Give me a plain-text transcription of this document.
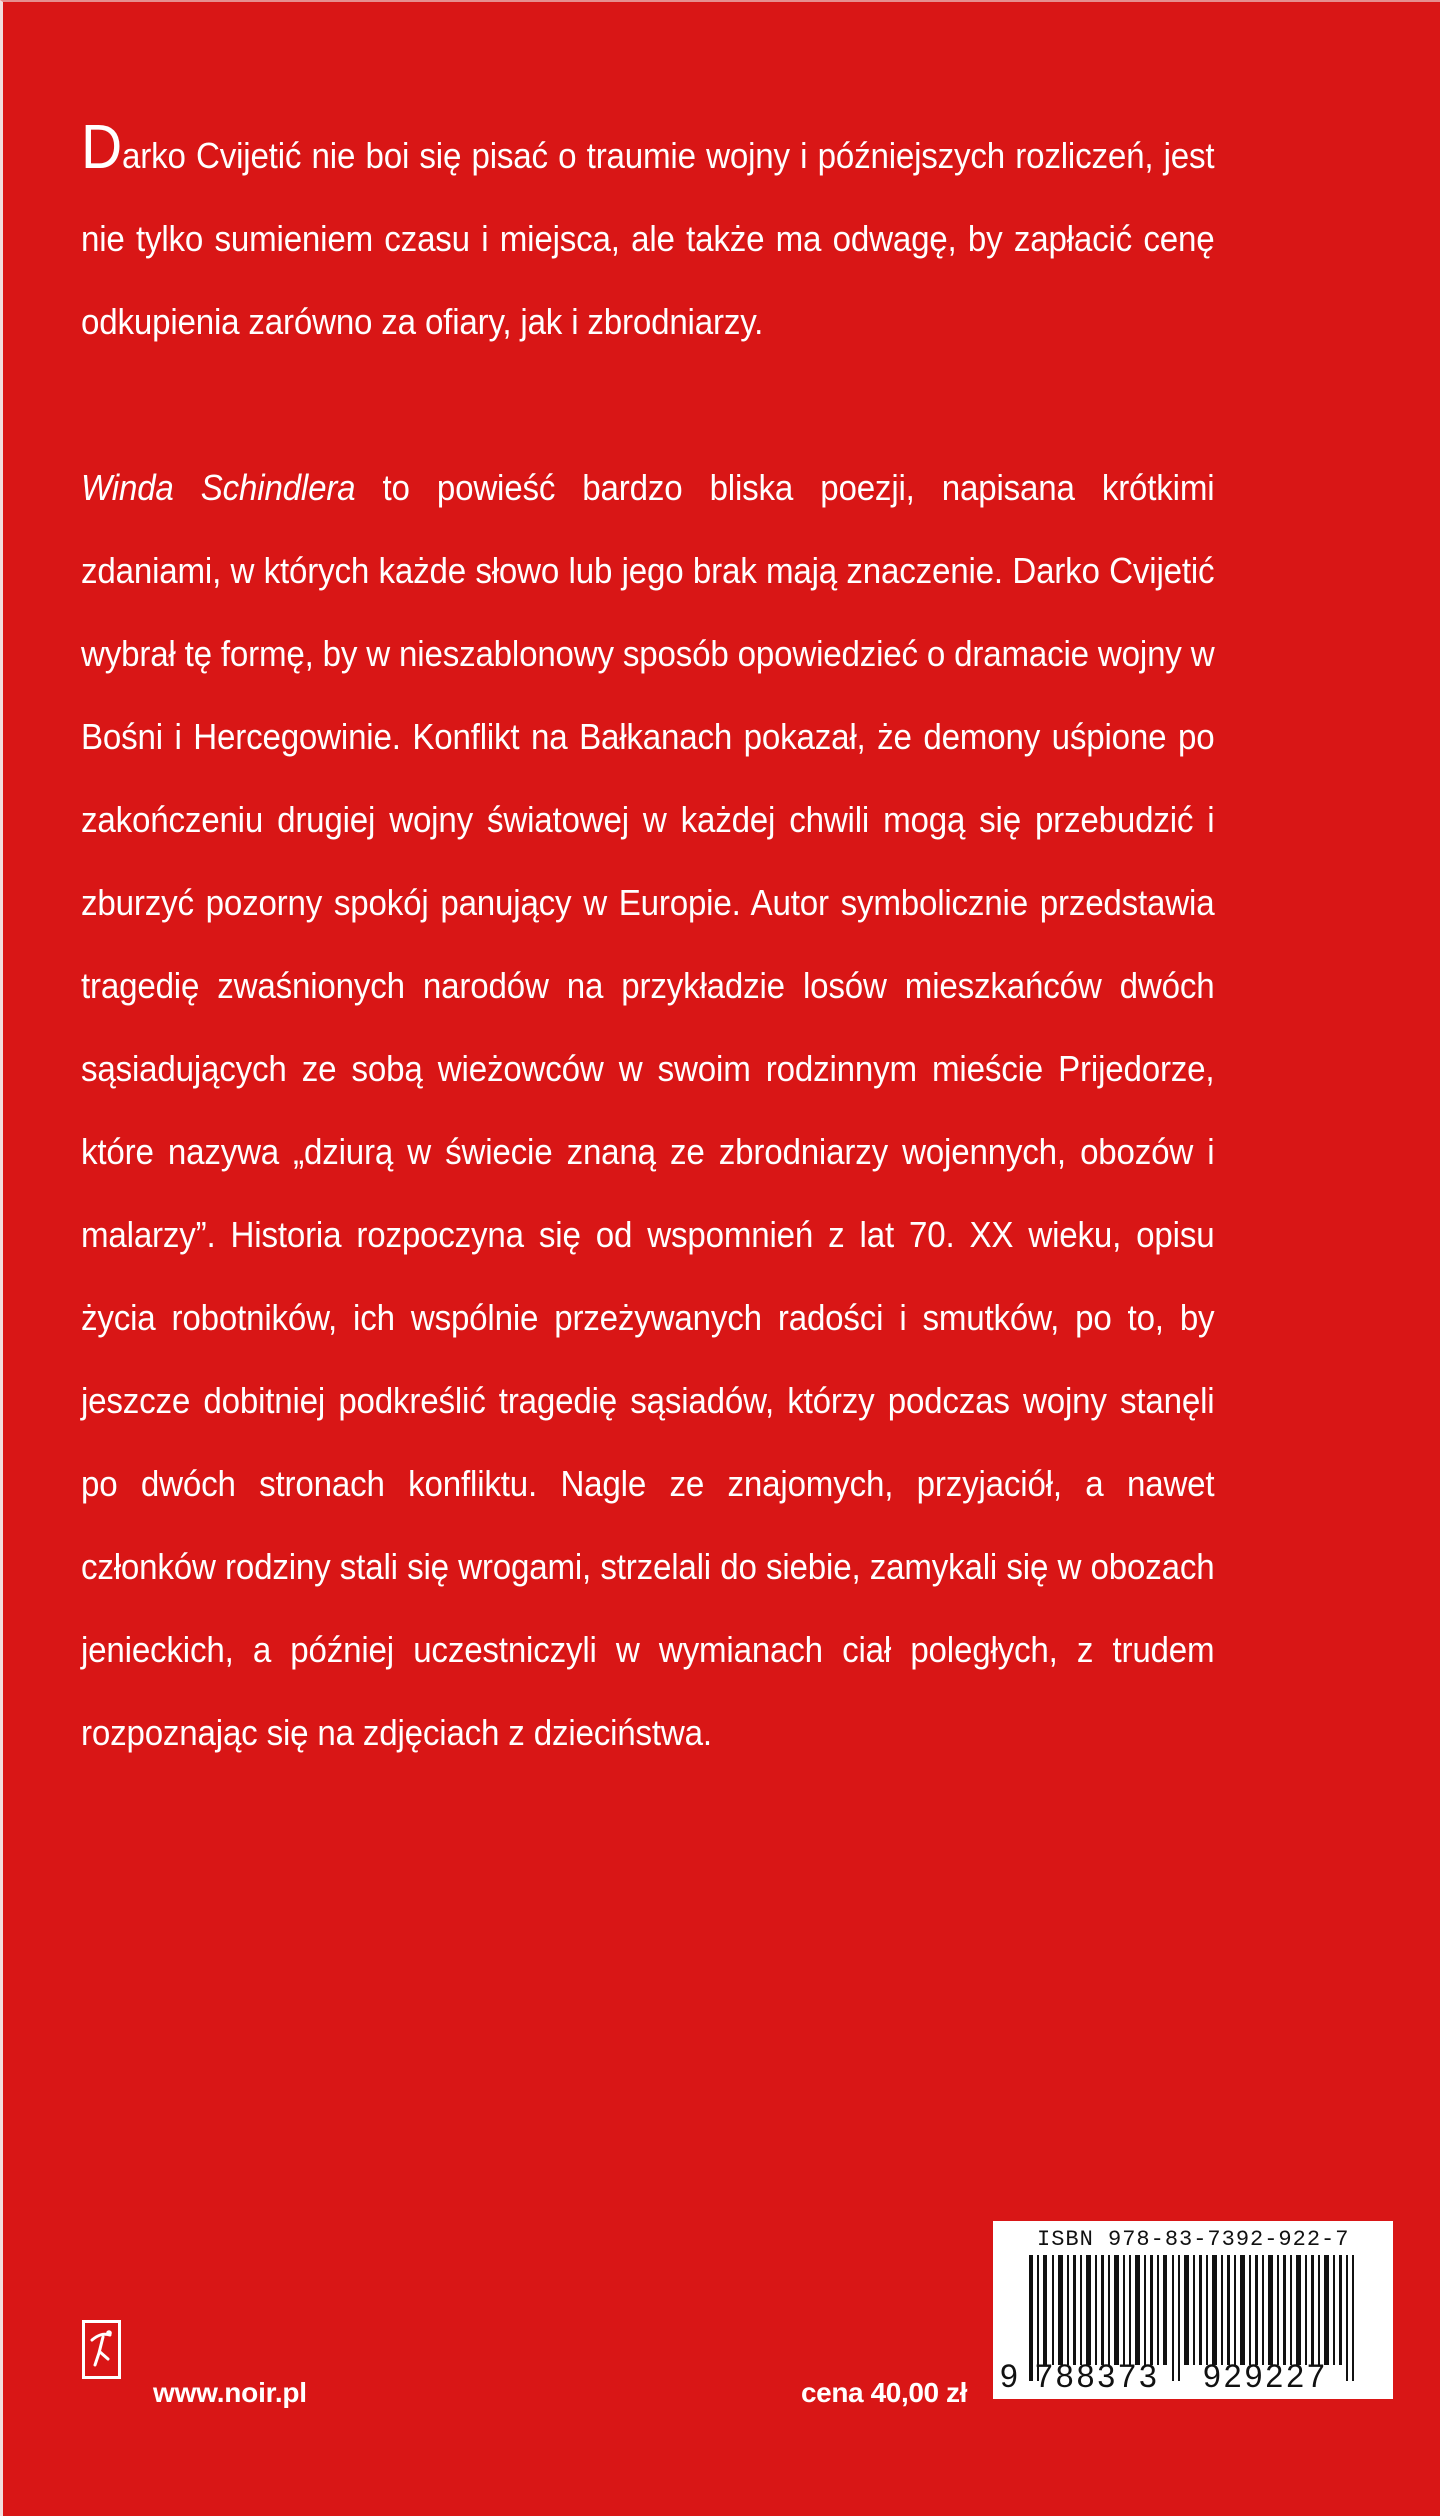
Darko Cvijetić nie boi się pisać o traumie wojny i późniejszych rozliczeń, jest nie tylko sumieniem czasu i miejsca, ale także ma odwagę, by zapłacić cenę odkupienia zarówno za ofiary, jak i zbrodniarzy.

Winda Schindlera to powieść bardzo bliska poezji, napisana krótkimi zdaniami, w których każde słowo lub jego brak mają znaczenie. Darko Cvijetić wybrał tę formę, by w nieszablonowy sposób opowiedzieć o dramacie wojny w Bośni i Hercegowinie. Konflikt na Bałkanach pokazał, że demony uśpione po zakończeniu drugiej wojny światowej w każdej chwili mogą się przebudzić i zburzyć pozorny spokój panujący w Europie. Autor symbolicznie przedstawia tragedię zwaśnionych narodów na przykładzie losów mieszkańców dwóch sąsiadujących ze sobą wieżowców w swoim rodzinnym mieście Prijedorze, które nazywa „dziurą w świecie znaną ze zbrodniarzy wojennych, obozów i malarzy”. Historia rozpoczyna się od wspomnień z lat 70. XX wieku, opisu życia robotników, ich wspólnie przeżywanych radości i smutków, po to, by jeszcze dobitniej podkreślić tragedię sąsiadów, którzy podczas wojny stanęli po dwóch stronach konfliktu. Nagle ze znajomych, przyjaciół, a nawet członków rodziny stali się wrogami, strzelali do siebie, zamykali się w obozach jenieckich, a później uczestniczyli w wymianach ciał poległych, z trudem rozpoznając się na zdjęciach z dzieciństwa.

www.noir.pl	cena 40,00 zł
ISBN 978-83-7392-922-7
9 788373 929227
